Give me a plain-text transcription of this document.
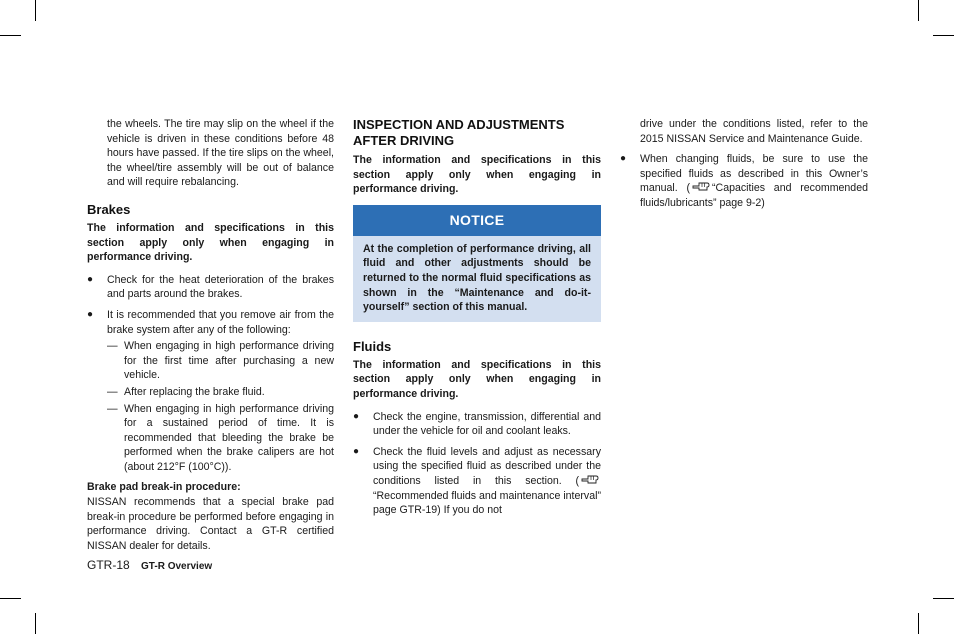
the wheels. The tire may slip on the wheel if the vehicle is driven in these conditions before 48 hours have passed. If the tire slips on the wheel, the wheel/tire assembly will be out of balance and will require rebalancing.

Brakes

The information and specifications in this section apply only when engaging in performance driving.

● Check for the heat deterioration of the brakes and parts around the brakes.
● It is recommended that you remove air from the brake system after any of the following:
— When engaging in high performance driving for the first time after purchasing a new vehicle.
— After replacing the brake fluid.
— When engaging in high performance driving for a sustained period of time. It is recommended that bleeding the brake be performed when the brake calipers are hot (about 212°F (100°C)).

Brake pad break-in procedure:

NISSAN recommends that a special brake pad break-in procedure be performed before engaging in performance driving. Contact a GT-R certified NISSAN dealer for details.

INSPECTION AND ADJUSTMENTS AFTER DRIVING

The information and specifications in this section apply only when engaging in performance driving.

NOTICE
At the completion of performance driving, all fluid and other adjustments should be returned to the normal fluid specifications as shown in the “Maintenance and do-it-yourself” section of this manual.
Fluids

The information and specifications in this section apply only when engaging in performance driving.

● Check the engine, transmission, differential and under the vehicle for oil and coolant leaks.
● Check the fluid levels and adjust as necessary using the specified fluid as described under the conditions listed in this section. (“Recommended fluids and maintenance interval” page GTR-19) If you do not

drive under the conditions listed, refer to the 2015 NISSAN Service and Maintenance Guide.

● When changing fluids, be sure to use the specified fluids as described in this Owner’s manual. ( “Capacities and recommended fluids/lubricants” page 9-2)
GTR-18 GT-R Overview
